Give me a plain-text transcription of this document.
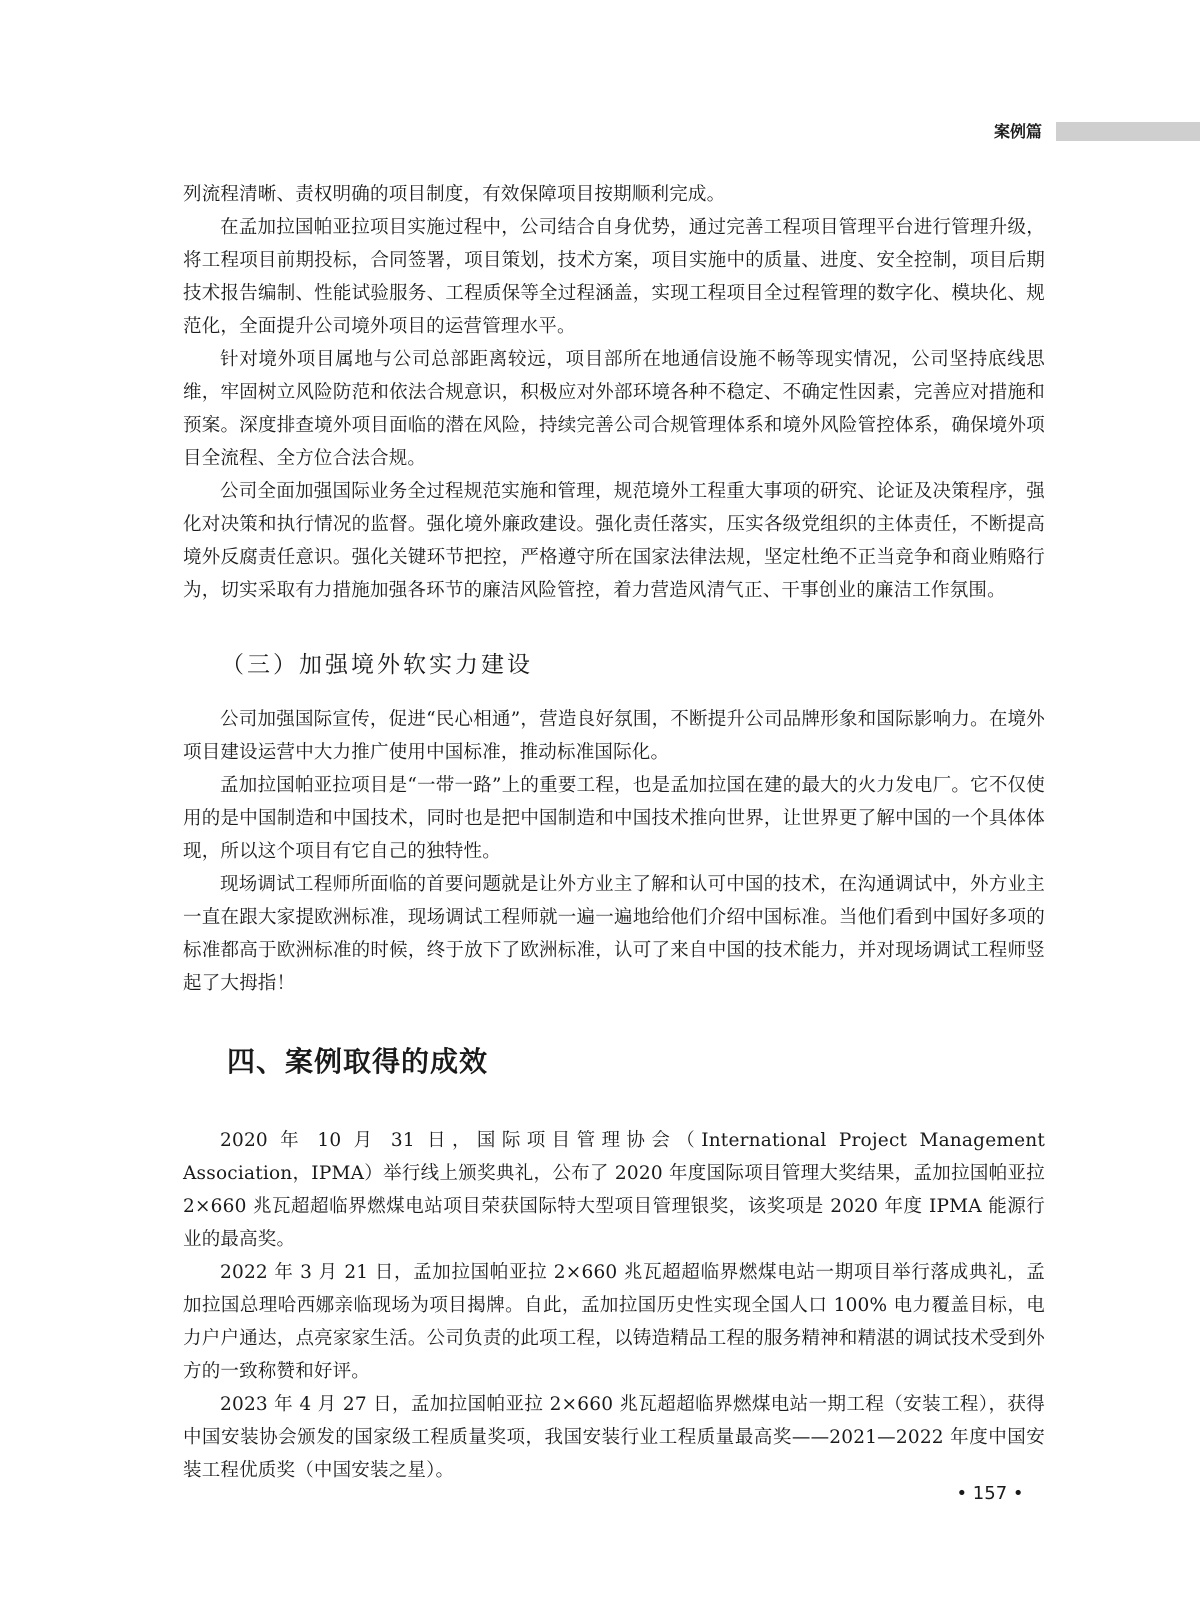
案例篇

列流程清晰、责权明确的项目制度，有效保障项目按期顺利完成。

在孟加拉国帕亚拉项目实施过程中，公司结合自身优势，通过完善工程项目管理平台进行管理升级，将工程项目前期投标，合同签署，项目策划，技术方案，项目实施中的质量、进度、安全控制，项目后期技术报告编制、性能试验服务、工程质保等全过程涵盖，实现工程项目全过程管理的数字化、模块化、规范化，全面提升公司境外项目的运营管理水平。

针对境外项目属地与公司总部距离较远，项目部所在地通信设施不畅等现实情况，公司坚持底线思维，牢固树立风险防范和依法合规意识，积极应对外部环境各种不稳定、不确定性因素，完善应对措施和预案。深度排查境外项目面临的潜在风险，持续完善公司合规管理体系和境外风险管控体系，确保境外项目全流程、全方位合法合规。

公司全面加强国际业务全过程规范实施和管理，规范境外工程重大事项的研究、论证及决策程序，强化对决策和执行情况的监督。强化境外廉政建设。强化责任落实，压实各级党组织的主体责任，不断提高境外反腐责任意识。强化关键环节把控，严格遵守所在国家法律法规，坚定杜绝不正当竞争和商业贿赂行为，切实采取有力措施加强各环节的廉洁风险管控，着力营造风清气正、干事创业的廉洁工作氛围。

（三）加强境外软实力建设

公司加强国际宣传，促进“民心相通”，营造良好氛围，不断提升公司品牌形象和国际影响力。在境外项目建设运营中大力推广使用中国标准，推动标准国际化。

孟加拉国帕亚拉项目是“一带一路”上的重要工程，也是孟加拉国在建的最大的火力发电厂。它不仅使用的是中国制造和中国技术，同时也是把中国制造和中国技术推向世界，让世界更了解中国的一个具体体现，所以这个项目有它自己的独特性。

现场调试工程师所面临的首要问题就是让外方业主了解和认可中国的技术，在沟通调试中，外方业主一直在跟大家提欧洲标准，现场调试工程师就一遍一遍地给他们介绍中国标准。当他们看到中国好多项的标准都高于欧洲标准的时候，终于放下了欧洲标准，认可了来自中国的技术能力，并对现场调试工程师竖起了大拇指！

四、案例取得的成效

2020 年 10 月 31 日，国际项目管理协会（International Project Management Association，IPMA）举行线上颁奖典礼，公布了 2020 年度国际项目管理大奖结果，孟加拉国帕亚拉 2×660 兆瓦超超临界燃煤电站项目荣获国际特大型项目管理银奖，该奖项是 2020 年度 IPMA 能源行业的最高奖。

2022 年 3 月 21 日，孟加拉国帕亚拉 2×660 兆瓦超超临界燃煤电站一期项目举行落成典礼，孟加拉国总理哈西娜亲临现场为项目揭牌。自此，孟加拉国历史性实现全国人口 100% 电力覆盖目标，电力户户通达，点亮家家生活。公司负责的此项工程，以铸造精品工程的服务精神和精湛的调试技术受到外方的一致称赞和好评。

2023 年 4 月 27 日，孟加拉国帕亚拉 2×660 兆瓦超超临界燃煤电站一期工程（安装工程），获得中国安装协会颁发的国家级工程质量奖项，我国安装行业工程质量最高奖——2021—2022 年度中国安装工程优质奖（中国安装之星）。

• 157 •
